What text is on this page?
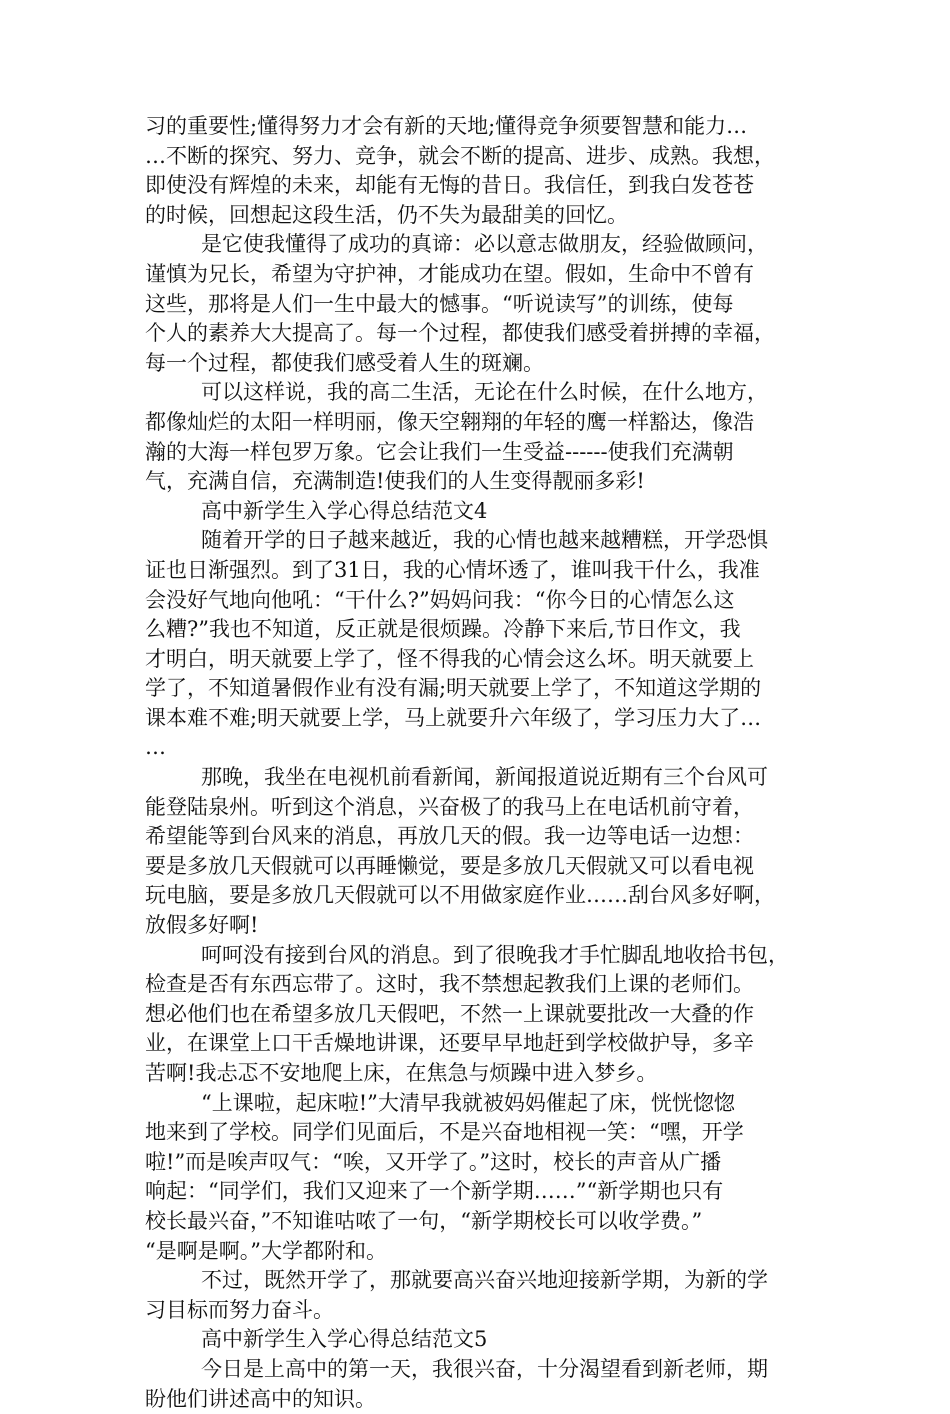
习的重要性;懂得努力才会有新的天地;懂得竞争须要智慧和能力…
…不断的探究、努力、竞争，就会不断的提高、进步、成熟。我想，
即使没有辉煌的未来，却能有无悔的昔日。我信任，到我白发苍苍
的时候，回想起这段生活，仍不失为最甜美的回忆。
是它使我懂得了成功的真谛：必以意志做朋友，经验做顾问，
谨慎为兄长，希望为守护神，才能成功在望。假如，生命中不曾有
这些，那将是人们一生中最大的憾事。“听说读写”的训练，使每
个人的素养大大提高了。每一个过程，都使我们感受着拼搏的幸福，
每一个过程，都使我们感受着人生的斑斓。
可以这样说，我的高二生活，无论在什么时候，在什么地方，
都像灿烂的太阳一样明丽，像天空翱翔的年轻的鹰一样豁达，像浩
瀚的大海一样包罗万象。它会让我们一生受益------使我们充满朝
气，充满自信，充满制造!使我们的人生变得靓丽多彩!
高中新学生入学心得总结范文4
随着开学的日子越来越近，我的心情也越来越糟糕，开学恐惧
证也日渐强烈。到了31日，我的心情坏透了，谁叫我干什么，我准
会没好气地向他吼：“干什么?”妈妈问我：“你今日的心情怎么这
么糟?”我也不知道，反正就是很烦躁。冷静下来后,节日作文，我
才明白，明天就要上学了，怪不得我的心情会这么坏。明天就要上
学了，不知道暑假作业有没有漏;明天就要上学了，不知道这学期的
课本难不难;明天就要上学，马上就要升六年级了，学习压力大了…
…
那晚，我坐在电视机前看新闻，新闻报道说近期有三个台风可
能登陆泉州。听到这个消息，兴奋极了的我马上在电话机前守着，
希望能等到台风来的消息，再放几天的假。我一边等电话一边想：
要是多放几天假就可以再睡懒觉，要是多放几天假就又可以看电视
玩电脑，要是多放几天假就可以不用做家庭作业……刮台风多好啊，
放假多好啊!
呵呵没有接到台风的消息。到了很晚我才手忙脚乱地收拾书包，
检查是否有东西忘带了。这时，我不禁想起教我们上课的老师们。
想必他们也在希望多放几天假吧，不然一上课就要批改一大叠的作
业，在课堂上口干舌燥地讲课，还要早早地赶到学校做护导，多辛
苦啊!我忐忑不安地爬上床，在焦急与烦躁中进入梦乡。
“上课啦，起床啦!”大清早我就被妈妈催起了床，恍恍惚惚
地来到了学校。同学们见面后，不是兴奋地相视一笑：“嘿，开学
啦!”而是唉声叹气：“唉，又开学了。”这时，校长的声音从广播
响起：“同学们，我们又迎来了一个新学期……”“新学期也只有
校长最兴奋，”不知谁咕哝了一句，“新学期校长可以收学费。”
“是啊是啊。”大学都附和。
不过，既然开学了，那就要高兴奋兴地迎接新学期，为新的学
习目标而努力奋斗。
高中新学生入学心得总结范文5
今日是上高中的第一天，我很兴奋，十分渴望看到新老师，期
盼他们讲述高中的知识。
